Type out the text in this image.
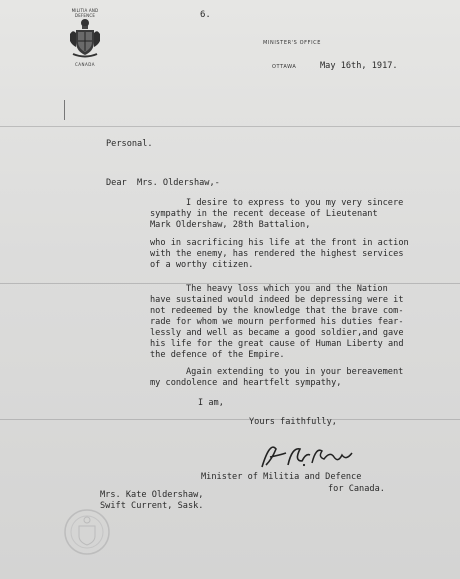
6.
MILITIA AND DEFENCE
CANADA
MINISTER'S OFFICE
OTTAWA	May 16th, 1917.
Personal.
Dear  Mrs. Oldershaw,-
I desire to express to you my very sincere
sympathy in the recent decease of Lieutenant
Mark Oldershaw, 28th Battalion,
who in sacrificing his life at the front in action
with the enemy, has rendered the highest services
of a worthy citizen.
The heavy loss which you and the Nation
have sustained would indeed be depressing were it
not redeemed by the knowledge that the brave com-
rade for whom we mourn performed his duties fear-
lessly and well as became a good soldier,and gave
his life for the great cause of Human Liberty and
the defence of the Empire.
Again extending to you in your bereavement
my condolence and heartfelt sympathy,
I am,
Yours faithfully,
Minister of Militia and Defence
for Canada.
Mrs. Kate Oldershaw,
Swift Current, Sask.
